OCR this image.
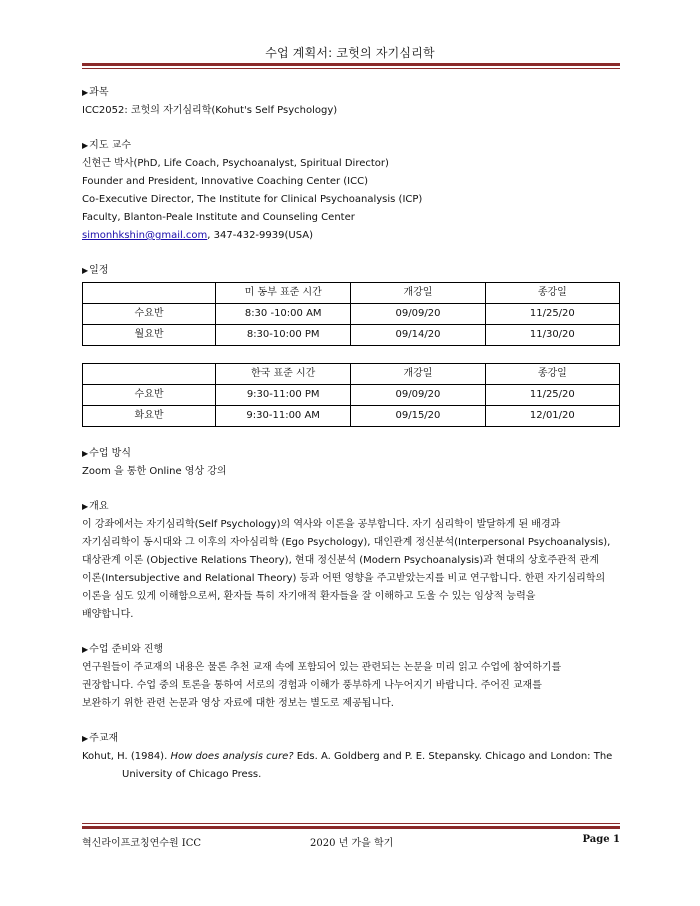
수업 계획서: 코헛의 자기심리학

▶ 과목

ICC2052: 코헛의 자기심리학(Kohut's Self Psychology)

▶ 지도 교수

신현근 박사(PhD, Life Coach, Psychoanalyst, Spiritual Director)

Founder and President, Innovative Coaching Center (ICC)

Co-Executive Director, The Institute for Clinical Psychoanalysis (ICP)

Faculty, Blanton-Peale Institute and Counseling Center

simonhkshin@gmail.com, 347-432-9939(USA)

▶ 일정

	미 동부 표준 시간	개강일	종강일
수요반	8:30 -10:00 AM	09/09/20	11/25/20
월요반	8:30-10:00 PM	09/14/20	11/30/20
	한국 표준 시간	개강일	종강일
수요반	9:30-11:00 PM	09/09/20	11/25/20
화요반	9:30-11:00 AM	09/15/20	12/01/20

▶ 수업 방식

Zoom 을 통한 Online 영상 강의

▶ 개요

이 강좌에서는 자기심리학(Self Psychology)의 역사와 이론을 공부합니다. 자기 심리학이 발달하게 된 배경과

자기심리학이 동시대와 그 이후의 자아심리학 (Ego Psychology), 대인관계 정신분석(Interpersonal Psychoanalysis),

대상관계 이론 (Objective Relations Theory), 현대 정신분석 (Modern Psychoanalysis)과 현대의 상호주관적 관계

이론(Intersubjective and Relational Theory) 등과 어떤 영향을 주고받았는지를 비교 연구합니다. 한편 자기심리학의

이론을 심도 있게 이해함으로써, 환자들 특히 자기애적 환자들을 잘 이해하고 도울 수 있는 임상적 능력을

배양합니다.

▶ 수업 준비와 진행

연구원들이 주교재의 내용은 물론 추천 교재 속에 포함되어 있는 관련되는 논문을 미리 읽고 수업에 참여하기를

권장합니다. 수업 중의 토론을 통하여 서로의 경험과 이해가 풍부하게 나누어지기 바랍니다. 주어진 교재를

보완하기 위한 관련 논문과 영상 자료에 대한 정보는 별도로 제공됩니다.

▶ 주교재

Kohut, H. (1984). How does analysis cure? Eds. A. Goldberg and P. E. Stepansky. Chicago and London: The

University of Chicago Press.

혁신라이프코칭연수원 ICC	2020 년 가을 학기	Page 1
